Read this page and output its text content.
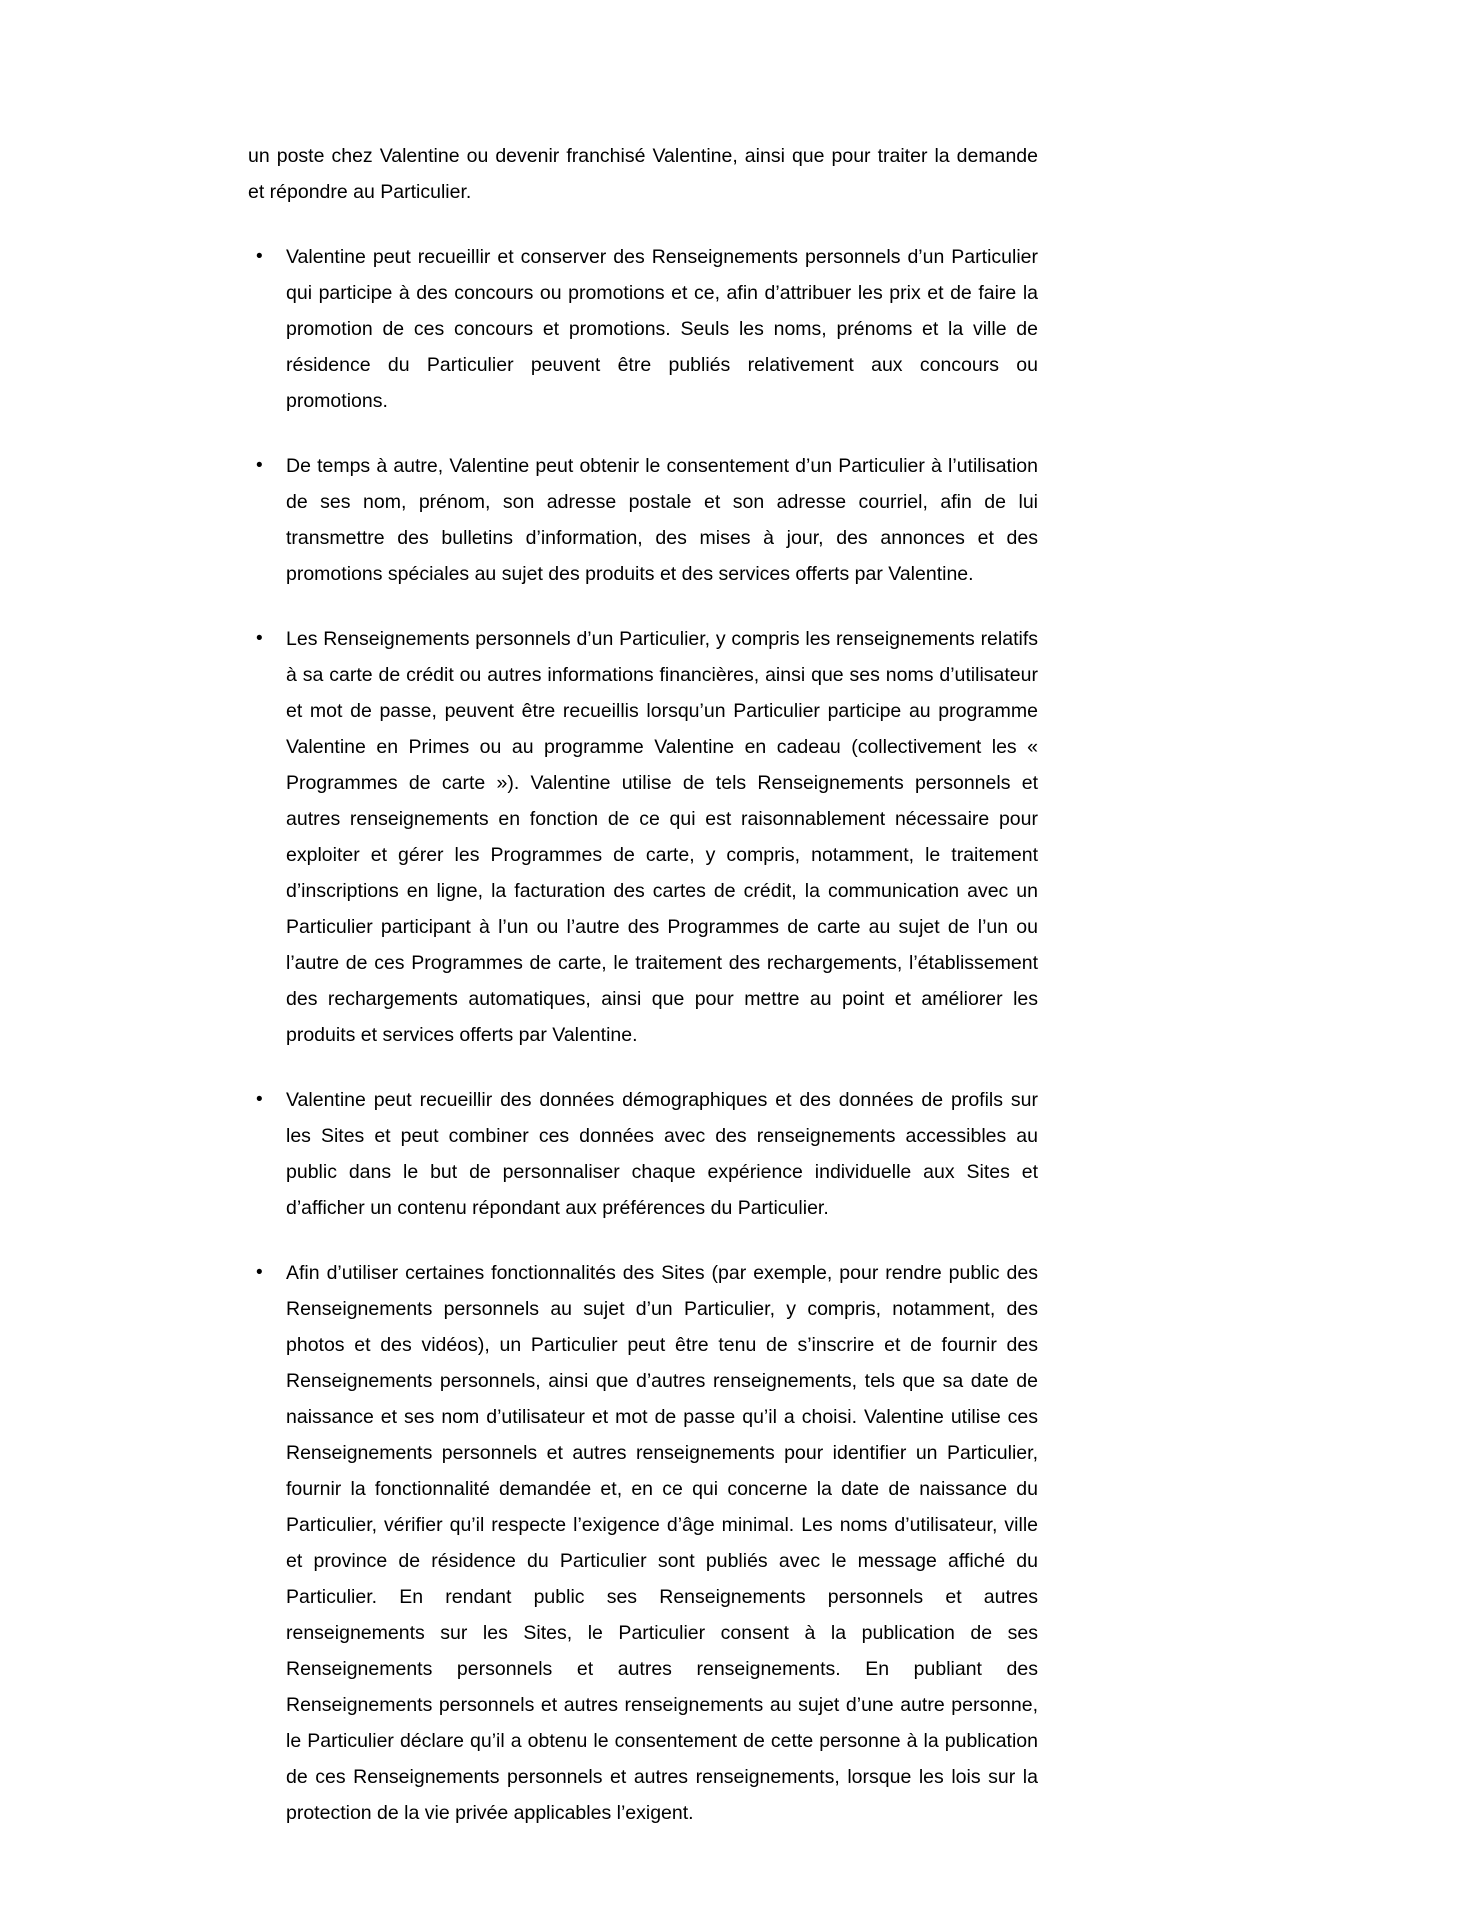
un poste chez Valentine ou devenir franchisé Valentine, ainsi que pour traiter la demande et répondre au Particulier.

• Valentine peut recueillir et conserver des Renseignements personnels d’un Particulier qui participe à des concours ou promotions et ce, afin d’attribuer les prix et de faire la promotion de ces concours et promotions. Seuls les noms, prénoms et la ville de résidence du Particulier peuvent être publiés relativement aux concours ou promotions.
• De temps à autre, Valentine peut obtenir le consentement d’un Particulier à l’utilisation de ses nom, prénom, son adresse postale et son adresse courriel, afin de lui transmettre des bulletins d’information, des mises à jour, des annonces et des promotions spéciales au sujet des produits et des services offerts par Valentine.
• Les Renseignements personnels d’un Particulier, y compris les renseignements relatifs à sa carte de crédit ou autres informations financières, ainsi que ses noms d’utilisateur et mot de passe, peuvent être recueillis lorsqu’un Particulier participe au programme Valentine en Primes ou au programme Valentine en cadeau (collectivement les « Programmes de carte »). Valentine utilise de tels Renseignements personnels et autres renseignements en fonction de ce qui est raisonnablement nécessaire pour exploiter et gérer les Programmes de carte, y compris, notamment, le traitement d’inscriptions en ligne, la facturation des cartes de crédit, la communication avec un Particulier participant à l’un ou l’autre des Programmes de carte au sujet de l’un ou l’autre de ces Programmes de carte, le traitement des rechargements, l’établissement des rechargements automatiques, ainsi que pour mettre au point et améliorer les produits et services offerts par Valentine.
• Valentine peut recueillir des données démographiques et des données de profils sur les Sites et peut combiner ces données avec des renseignements accessibles au public dans le but de personnaliser chaque expérience individuelle aux Sites et d’afficher un contenu répondant aux préférences du Particulier.
• Afin d’utiliser certaines fonctionnalités des Sites (par exemple, pour rendre public des Renseignements personnels au sujet d’un Particulier, y compris, notamment, des photos et des vidéos), un Particulier peut être tenu de s’inscrire et de fournir des Renseignements personnels, ainsi que d’autres renseignements, tels que sa date de naissance et ses nom d’utilisateur et mot de passe qu’il a choisi. Valentine utilise ces Renseignements personnels et autres renseignements pour identifier un Particulier, fournir la fonctionnalité demandée et, en ce qui concerne la date de naissance du Particulier, vérifier qu’il respecte l’exigence d’âge minimal. Les noms d’utilisateur, ville et province de résidence du Particulier sont publiés avec le message affiché du Particulier. En rendant public ses Renseignements personnels et autres renseignements sur les Sites, le Particulier consent à la publication de ses Renseignements personnels et autres renseignements. En publiant des Renseignements personnels et autres renseignements au sujet d’une autre personne, le Particulier déclare qu’il a obtenu le consentement de cette personne à la publication de ces Renseignements personnels et autres renseignements, lorsque les lois sur la protection de la vie privée applicables l’exigent.
